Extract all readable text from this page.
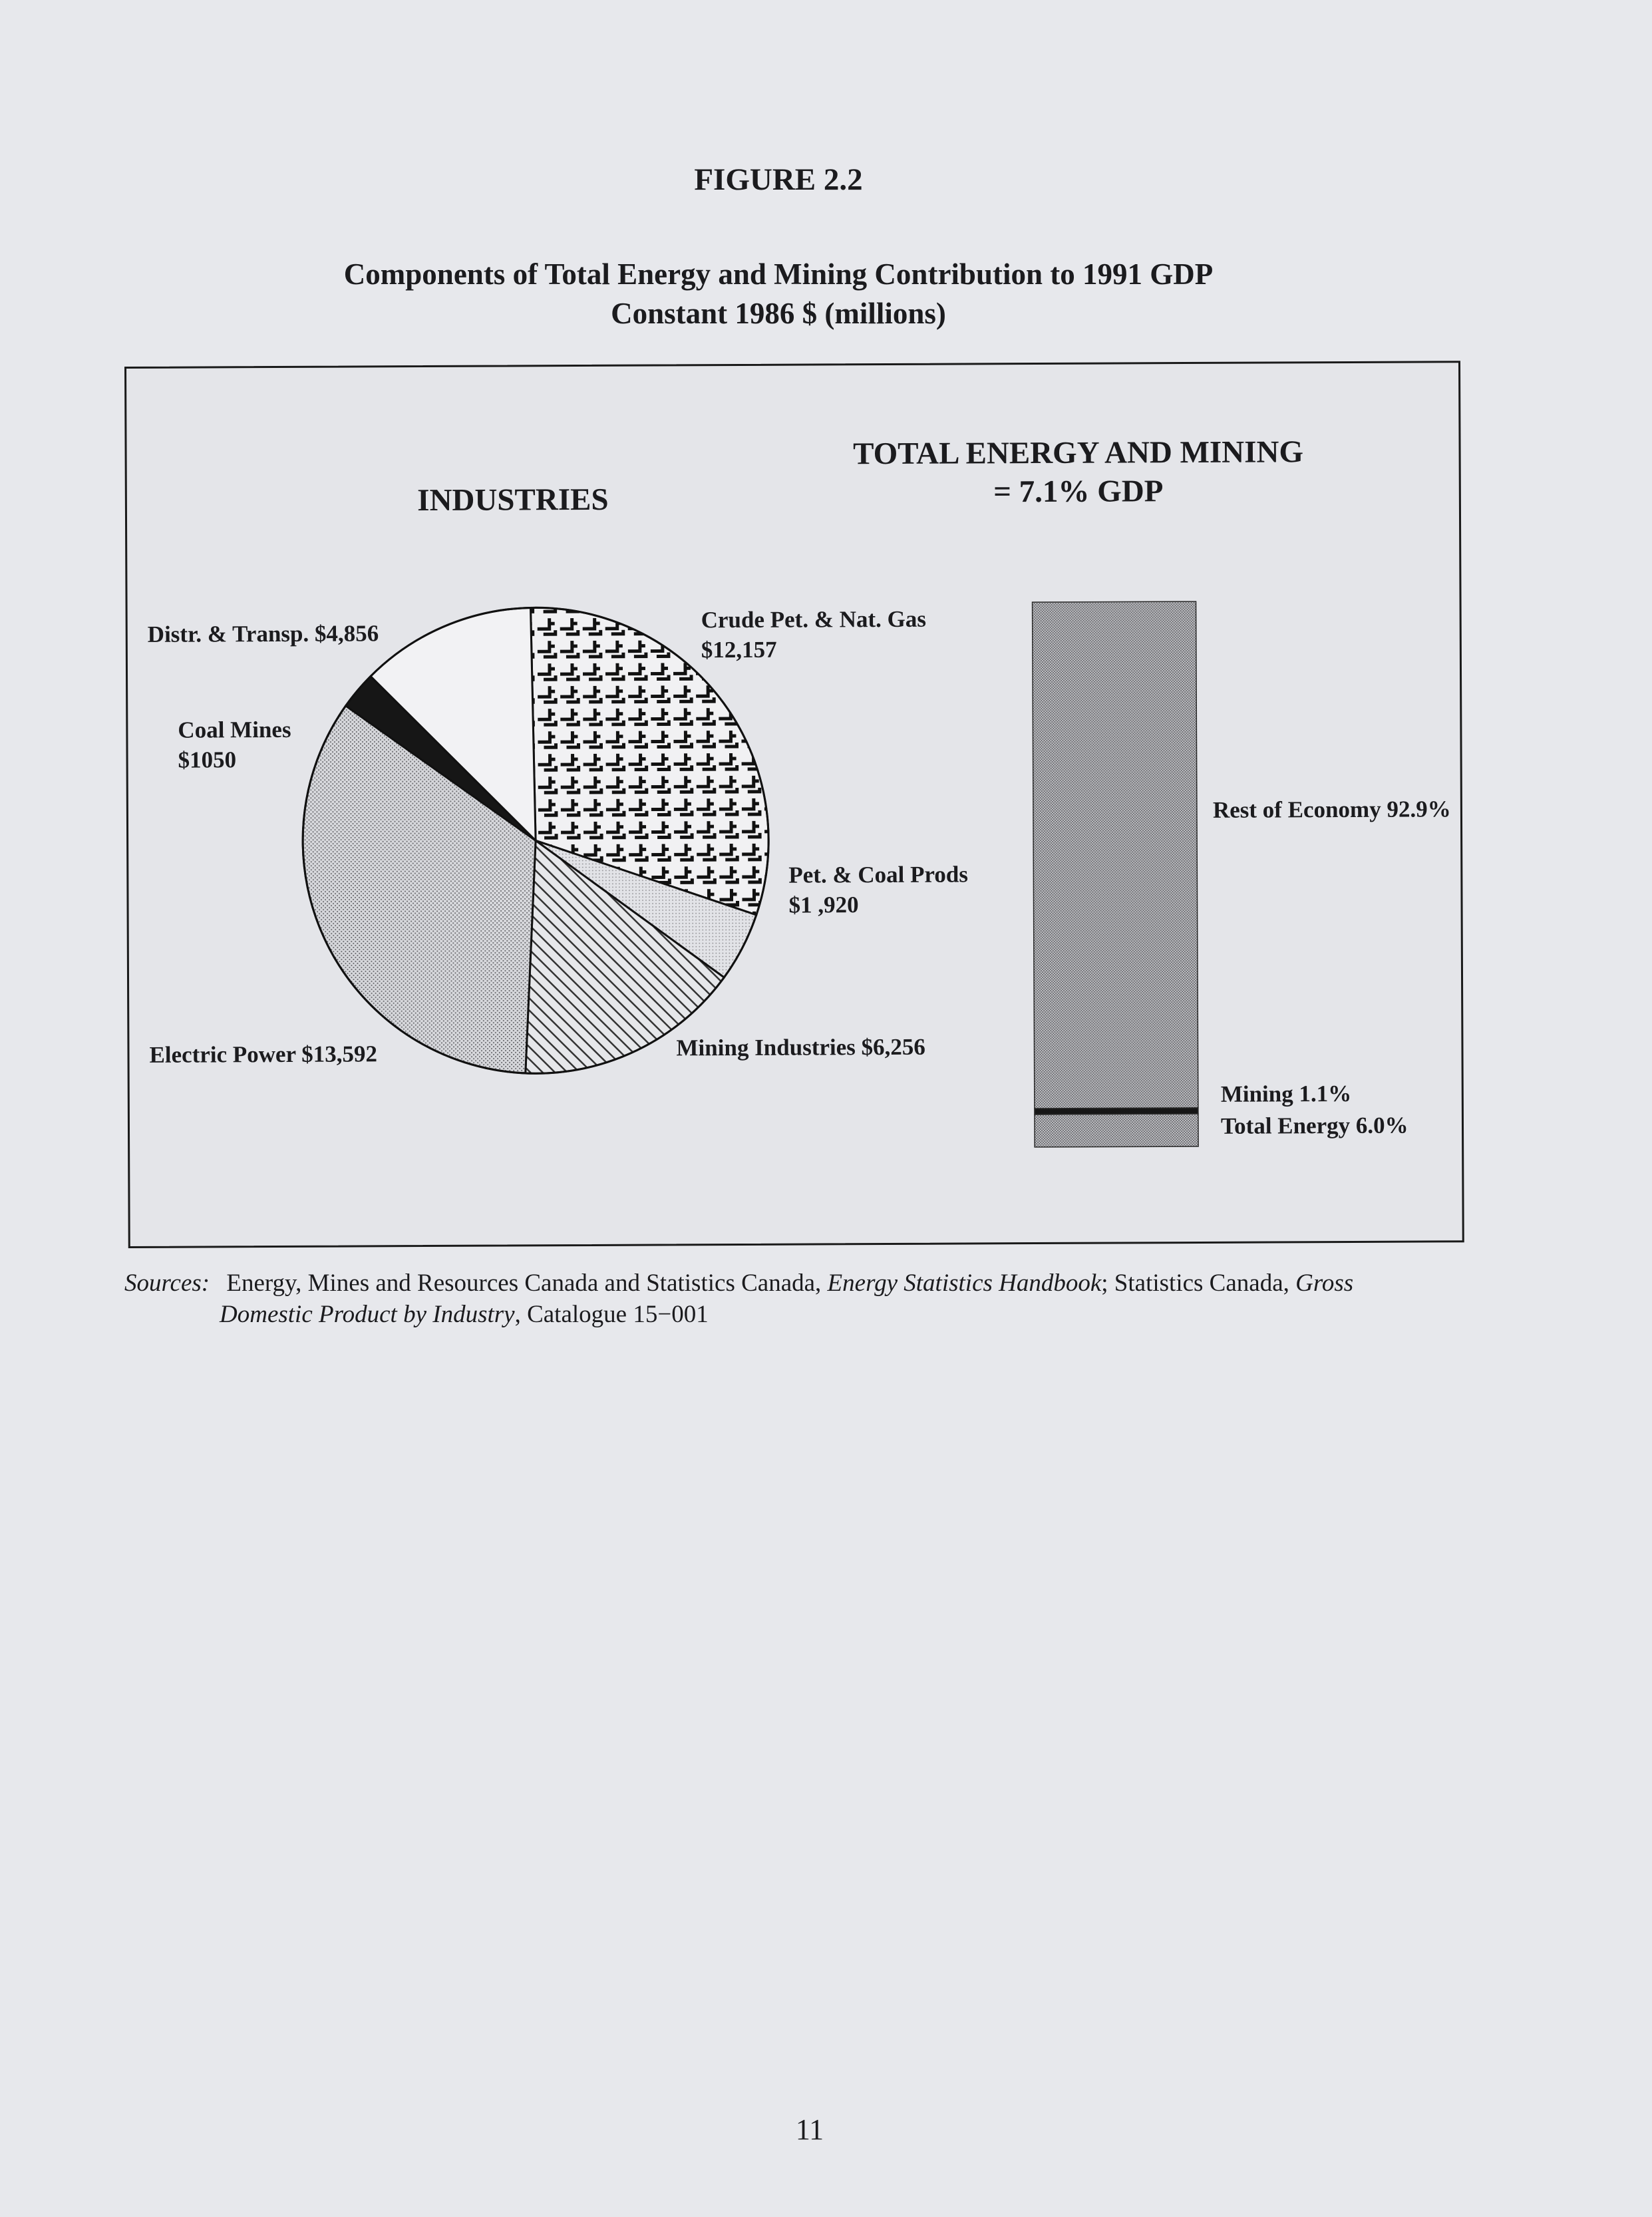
FIGURE 2.2
Components of Total Energy and Mining Contribution to 1991 GDP
Constant 1986 $ (millions)
INDUSTRIES
Crude Pet. & Nat. Gas
$12,157
Pet. & Coal Prods
$1 ,920
Mining Industries $6,256
Electric Power $13,592
Coal Mines
$1050
Distr. & Transp. $4,856
TOTAL ENERGY AND MINING
= 7.1% GDP
Total Energy 6.0%
Mining 1.1%
Rest of Economy 92.9%
Sources: Energy, Mines and Resources Canada and Statistics Canada, Energy Statistics Handbook; Statistics Canada, Gross
Domestic Product by Industry, Catalogue 15−001
11
